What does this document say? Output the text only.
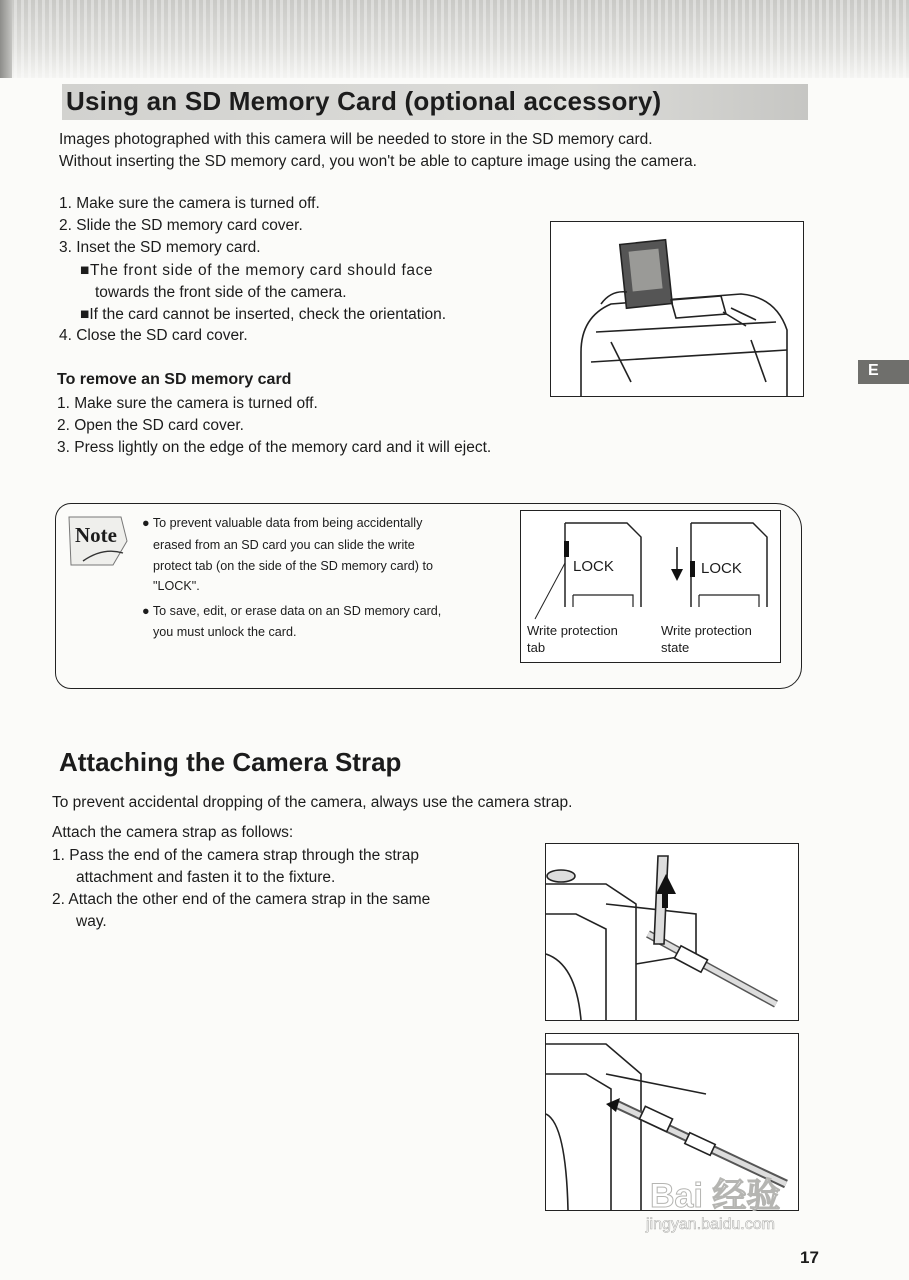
Using an SD Memory Card (optional accessory)
Images photographed with this camera will be needed to store in the SD memory card.
Without inserting the SD memory card, you won't be able to capture image using the camera.
1. Make sure the camera is turned off.
2. Slide the SD memory card cover.
3. Inset the SD memory card.
■The front side of the memory card should face
towards the front side of the camera.
■If the card cannot be inserted, check the orientation.
4. Close the SD card cover.
To remove an SD memory card
1. Make sure the camera is turned off.
2. Open the SD card cover.
3. Press lightly on the edge of the memory card and it will eject.
E
Note ● To prevent valuable data from being accidentally
erased from an SD card you can slide the write
protect tab (on the side of the SD memory card) to
"LOCK".
● To save, edit, or erase data on an SD memory card,
you must unlock the card.
LOCK	LOCK
Write protection
tab
Write protection
state
Attaching the Camera Strap
To prevent accidental dropping of the camera, always use the camera strap.
Attach the camera strap as follows:
1. Pass the end of the camera strap through the strap
attachment and fasten it to the fixture.
2. Attach the other end of the camera strap in the same
way.
Bai 经验
jingyan.baidu.com
17
